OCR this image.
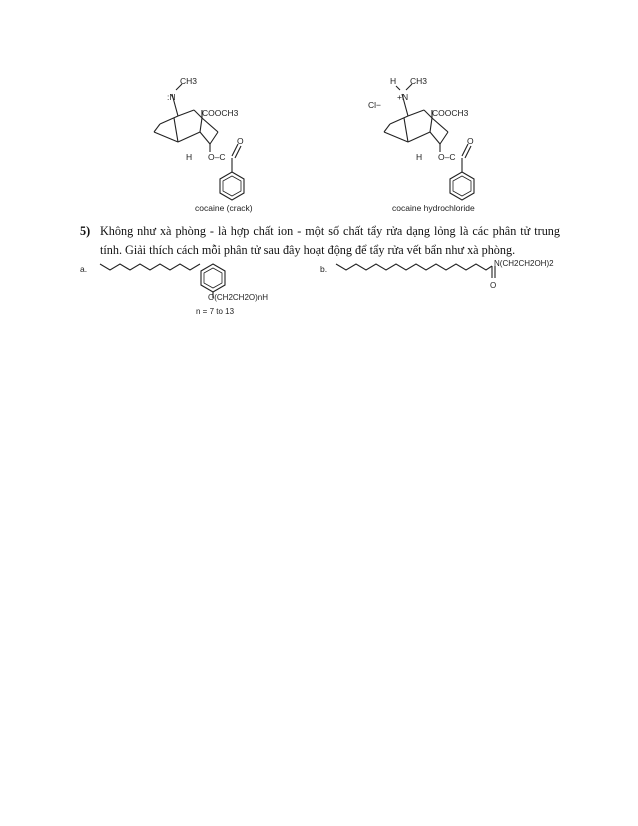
CH3
:N
COOCH3
H O–C
O
cocaine (crack)
H CH3
+N
Cl−
COOCH3
H O–C
O
cocaine hydrochloride
5) Không như xà phòng - là hợp chất ion - một số chất tẩy rửa dạng lỏng là các phân tử trung tính. Giải thích cách mỗi phân tử sau đây hoạt động để tẩy rửa vết bẩn như xà phòng.
a.
O(CH2CH2O)nH
n = 7 to 13
b.
N(CH2CH2OH)2
O
